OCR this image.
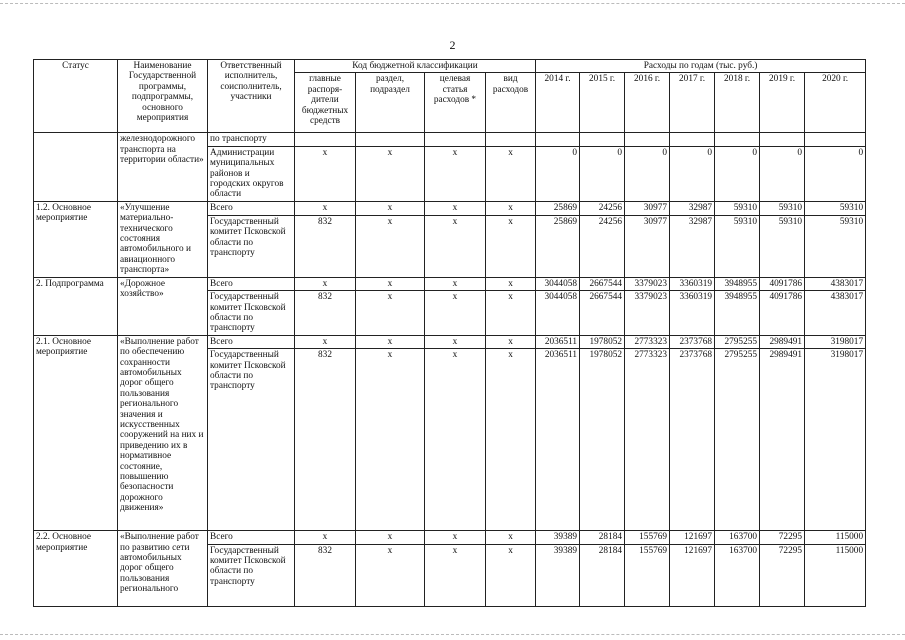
2
Статус	Наименование Государственной программы, подпрограммы, основного мероприятия	Ответственный исполнитель, соисполнитель, участники	Код бюджетной классификации				Расходы по годам (тыс. руб.)						
			главные распоря-дители бюджетных средств	раздел, подраздел	целевая статья расходов *	вид расходов	2014 г.	2015 г.	2016 г.	2017 г.	2018 г.	2019 г.	2020 г.
	железнодорожного транспорта на территории области»	по транспорту											
		Администрации муниципальных районов и городских округов области	х	х	х	х	0	0	0	0	0	0	0
1.2. Основное мероприятие	«Улучшение материально-технического состояния автомобильного и авиационного транспорта»	Всего	х	х	х	х	25869	24256	30977	32987	59310	59310	59310
		Государственный комитет Псковской области по транспорту	832	х	х	х	25869	24256	30977	32987	59310	59310	59310
2. Подпрограмма	«Дорожное хозяйство»	Всего	х	х	х	х	3044058	2667544	3379023	3360319	3948955	4091786	4383017
		Государственный комитет Псковской области по транспорту	832	х	х	х	3044058	2667544	3379023	3360319	3948955	4091786	4383017
2.1. Основное мероприятие	«Выполнение работ по обеспечению сохранности автомобильных дорог общего пользования регионального значения и искусственных сооружений на них и приведению их в нормативное состояние, повышению безопасности дорожного движения»	Всего	х	х	х	х	2036511	1978052	2773323	2373768	2795255	2989491	3198017
		Государственный комитет Псковской области по транспорту	832	х	х	х	2036511	1978052	2773323	2373768	2795255	2989491	3198017
2.2. Основное мероприятие	«Выполнение работ по развитию сети автомобильных дорог общего пользования регионального	Всего	х	х	х	х	39389	28184	155769	121697	163700	72295	115000
		Государственный комитет Псковской области по транспорту	832	х	х	х	39389	28184	155769	121697	163700	72295	115000
